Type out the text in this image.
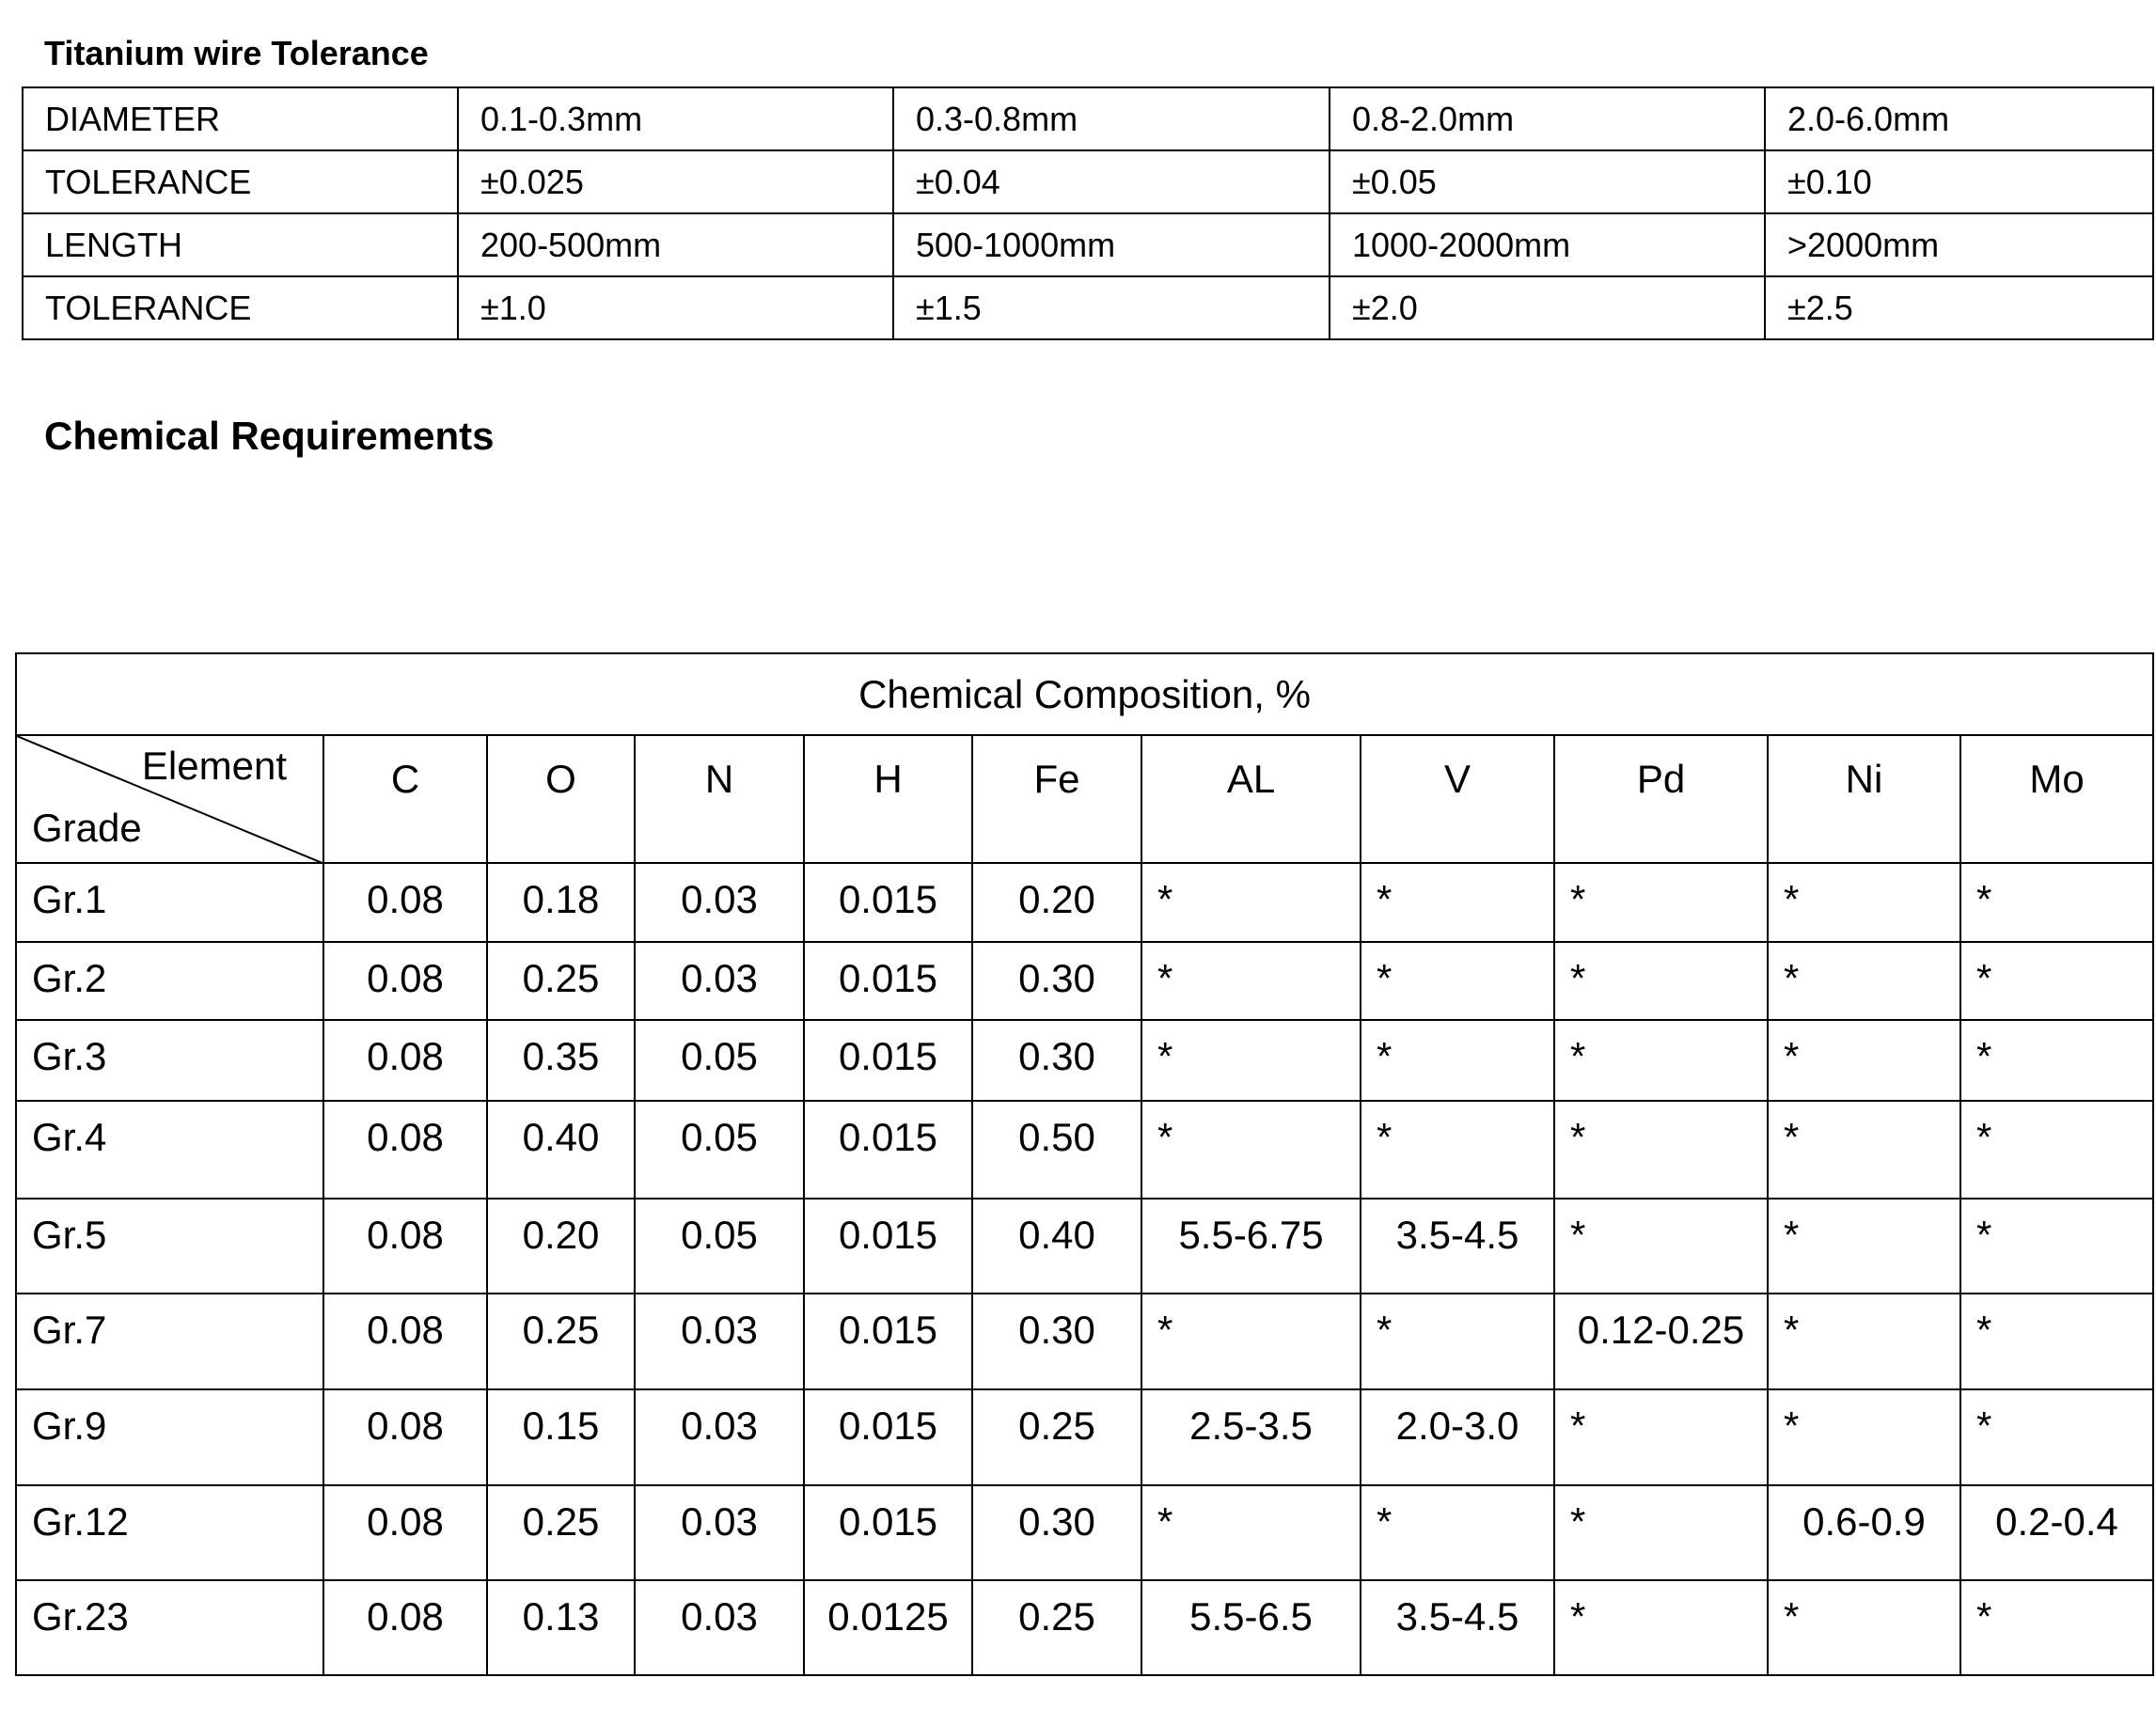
Titanium wire Tolerance
DIAMETER	0.1-0.3mm	0.3-0.8mm	0.8-2.0mm	2.0-6.0mm
TOLERANCE	±0.025	±0.04	±0.05	±0.10
LENGTH	200-500mm	500-1000mm	1000-2000mm	>2000mm
TOLERANCE	±1.0	±1.5	±2.0	±2.5
Chemical Requirements
Chemical Composition, %										

Element
Grade	C	O	N	H	Fe	AL	V	Pd	Ni	Mo
Gr.1	0.08	0.18	0.03	0.015	0.20	*	*	*	*	*
Gr.2	0.08	0.25	0.03	0.015	0.30	*	*	*	*	*
Gr.3	0.08	0.35	0.05	0.015	0.30	*	*	*	*	*
Gr.4	0.08	0.40	0.05	0.015	0.50	*	*	*	*	*
Gr.5	0.08	0.20	0.05	0.015	0.40	5.5-6.75	3.5-4.5	*	*	*
Gr.7	0.08	0.25	0.03	0.015	0.30	*	*	0.12-0.25	*	*
Gr.9	0.08	0.15	0.03	0.015	0.25	2.5-3.5	2.0-3.0	*	*	*
Gr.12	0.08	0.25	0.03	0.015	0.30	*	*	*	0.6-0.9	0.2-0.4
Gr.23	0.08	0.13	0.03	0.0125	0.25	5.5-6.5	3.5-4.5	*	*	*
